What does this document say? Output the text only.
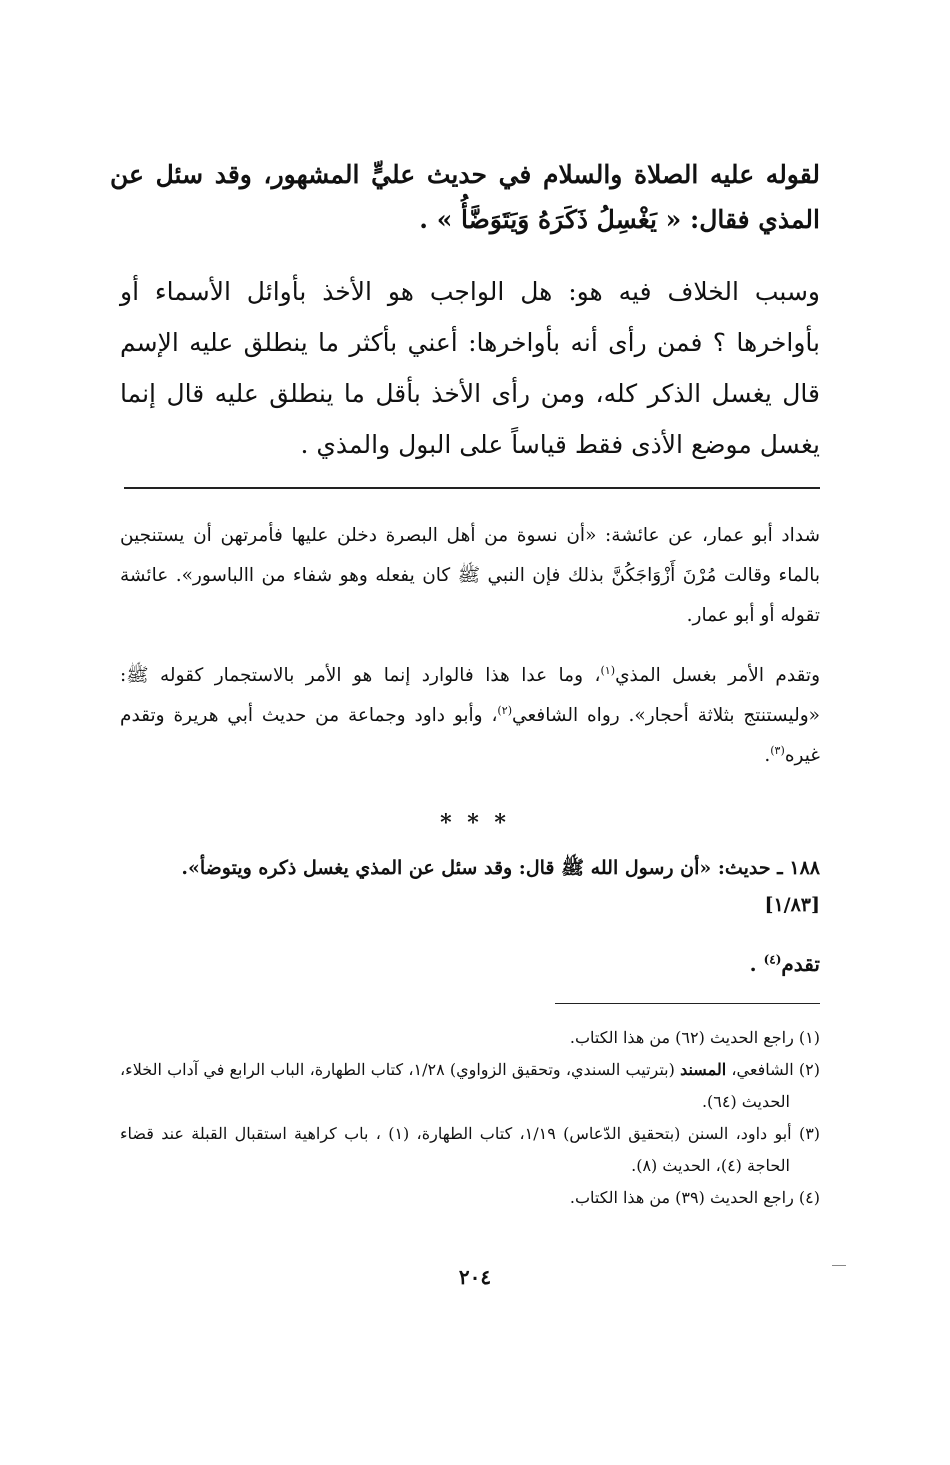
لقوله عليه الصلاة والسلام في حديث عليٍّ المشهور، وقد سئل عن المذي فقال: « يَغْسِلُ ذَكَرَهُ وَيَتَوَضَّأُ » .

وسبب الخلاف فيه هو: هل الواجب هو الأخذ بأوائل الأسماء أو بأواخرها ؟ فمن رأى أنه بأواخرها: أعني بأكثر ما ينطلق عليه الإسم قال يغسل الذكر كله، ومن رأى الأخذ بأقل ما ينطلق عليه قال إنما يغسل موضع الأذى فقط قياساً على البول والمذي .

شداد أبو عمار، عن عائشة: «أن نسوة من أهل البصرة دخلن عليها فأمرتهن أن يستنجين بالماء وقالت مُرْنَ أَزْوَاجَكُنَّ بذلك فإن النبي ﷺ كان يفعله وهو شفاء من االباسور». عائشة تقوله أو أبو عمار.

وتقدم الأمر بغسل المذي$^{(١)}$، وما عدا هذا فالوارد إنما هو الأمر بالاستجمار كقوله ﷺ: «وليستنتج بثلاثة أحجار». رواه الشافعي$^{(٢)}$، وأبو داود وجماعة من حديث أبي هريرة وتقدم غيره$^{(٣)}$.

* * *

١٨٨ ـ حديث: «أن رسول الله ﷺ قال: وقد سئل عن المذي يغسل ذكره ويتوضأ».

[١/٨٣]
تقدم$^{(٤)}$ .

(١) راجع الحديث (٦٢) من هذا الكتاب.

(٢) الشافعي، المسند (بترتيب السندي، وتحقيق الزواوي) ١/٢٨، كتاب الطهارة، الباب الرابع في آداب الخلاء، الحديث (٦٤).

(٣) أبو داود، السنن (بتحقيق الدّعاس) ١/١٩، كتاب الطهارة، (١) ، باب كراهية استقبال القبلة عند قضاء الحاجة (٤)، الحديث (٨).

(٤) راجع الحديث (٣٩) من هذا الكتاب.

٢٠٤
